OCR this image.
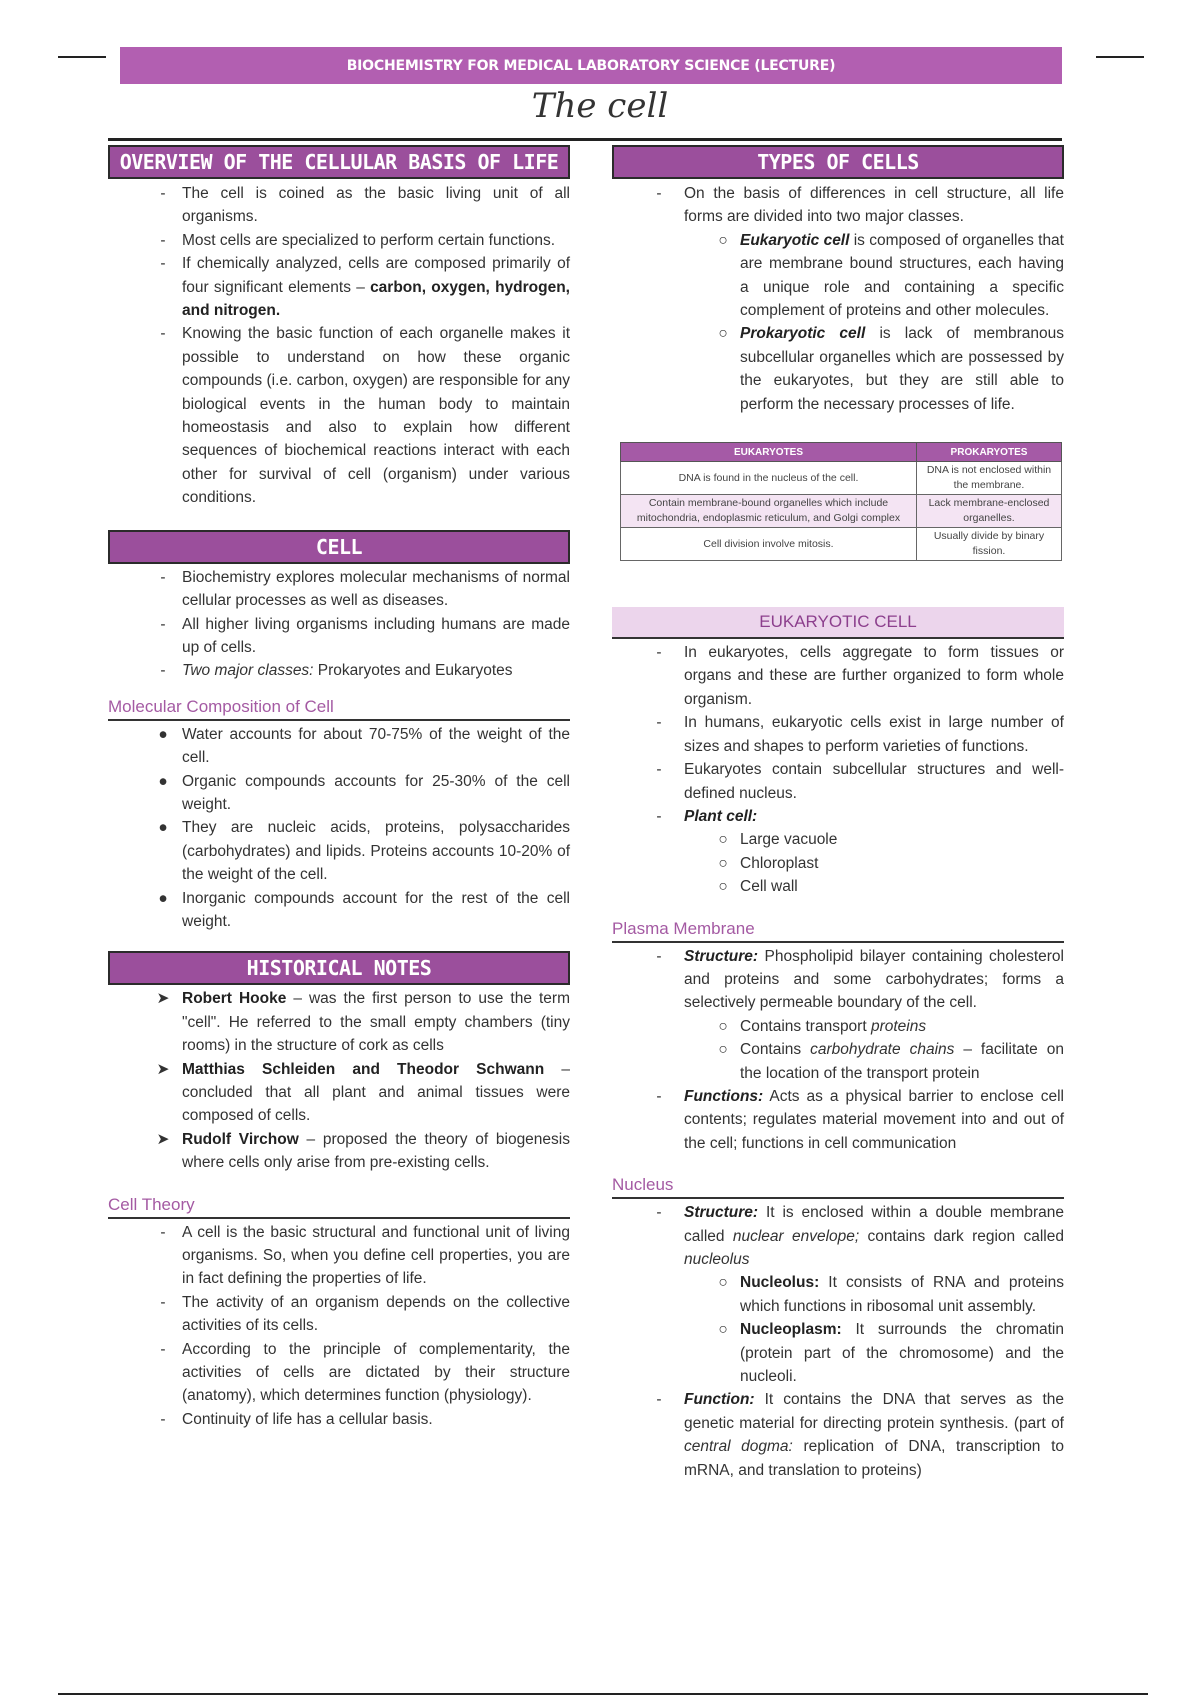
BIOCHEMISTRY FOR MEDICAL LABORATORY SCIENCE (LECTURE)
The cell
OVERVIEW OF THE CELLULAR BASIS OF LIFE
-	The cell is coined as the basic living unit of all organisms.
-	Most cells are specialized to perform certain functions.
-	If chemically analyzed, cells are composed primarily of four significant elements – carbon, oxygen, hydrogen, and nitrogen.
-	Knowing the basic function of each organelle makes it possible to understand on how these organic compounds (i.e. carbon, oxygen) are responsible for any biological events in the human body to maintain homeostasis and also to explain how different sequences of biochemical reactions interact with each other for survival of cell (organism) under various conditions.
CELL
-	Biochemistry explores molecular mechanisms of normal cellular processes as well as diseases.
-	All higher living organisms including humans are made up of cells.
-	Two major classes: Prokaryotes and Eukaryotes
Molecular Composition of Cell
● Water accounts for about 70-75% of the weight of the cell.
● Organic compounds accounts for 25-30% of the cell weight.
● They are nucleic acids, proteins, polysaccharides (carbohydrates) and lipids. Proteins accounts 10-20% of the weight of the cell.
● Inorganic compounds account for the rest of the cell weight.
HISTORICAL NOTES
➤ Robert Hooke – was the first person to use the term "cell". He referred to the small empty chambers (tiny rooms) in the structure of cork as cells
➤ Matthias Schleiden and Theodor Schwann – concluded that all plant and animal tissues were composed of cells.
➤ Rudolf Virchow – proposed the theory of biogenesis where cells only arise from pre-existing cells.
Cell Theory
-	A cell is the basic structural and functional unit of living organisms. So, when you define cell properties, you are in fact defining the properties of life.
-	The activity of an organism depends on the collective activities of its cells.
-	According to the principle of complementarity, the activities of cells are dictated by their structure (anatomy), which determines function (physiology).
-	Continuity of life has a cellular basis.
TYPES OF CELLS
-	On the basis of differences in cell structure, all life forms are divided into two major classes.
○ Eukaryotic cell is composed of organelles that are membrane bound structures, each having a unique role and containing a specific complement of proteins and other molecules.
○ Prokaryotic cell is lack of membranous subcellular organelles which are possessed by the eukaryotes, but they are still able to perform the necessary processes of life.
EUKARYOTES	PROKARYOTES
DNA is found in the nucleus of the cell.	DNA is not enclosed within the membrane.
Contain membrane-bound organelles which include mitochondria, endoplasmic reticulum, and Golgi complex	Lack membrane-enclosed organelles.
Cell division involve mitosis.	Usually divide by binary fission.
EUKARYOTIC CELL
-	In eukaryotes, cells aggregate to form tissues or organs and these are further organized to form whole organism.
-	In humans, eukaryotic cells exist in large number of sizes and shapes to perform varieties of functions.
-	Eukaryotes contain subcellular structures and well-defined nucleus.
-	Plant cell:
○ Large vacuole
○ Chloroplast
○ Cell wall
Plasma Membrane
-	Structure: Phospholipid bilayer containing cholesterol and proteins and some carbohydrates; forms a selectively permeable boundary of the cell.
○ Contains transport proteins
○ Contains carbohydrate chains – facilitate on the location of the transport protein
-	Functions: Acts as a physical barrier to enclose cell contents; regulates material movement into and out of the cell; functions in cell communication
Nucleus
-	Structure: It is enclosed within a double membrane called nuclear envelope; contains dark region called nucleolus
○ Nucleolus: It consists of RNA and proteins which functions in ribosomal unit assembly.
○ Nucleoplasm: It surrounds the chromatin (protein part of the chromosome) and the nucleoli.
-	Function: It contains the DNA that serves as the genetic material for directing protein synthesis. (part of central dogma: replication of DNA, transcription to mRNA, and translation to proteins)
